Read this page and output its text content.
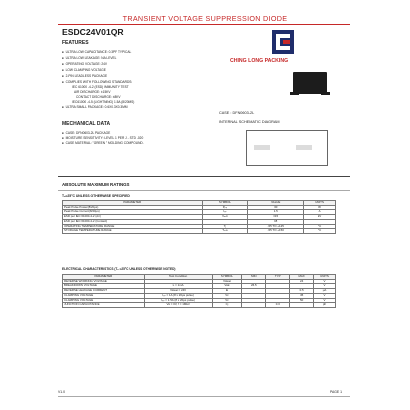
TRANSIENT VOLTAGE SUPPRESSION DIODE
ESDC24V01QR
FEATURES
■ ULTRA LOW CAPACITANCE: 0.3PF TYPICAL
■ ULTRA LOW LEAKAGE: NA LEVEL
■ OPERATING VOLTAGE: 24V
■ LOW CLAMPING VOLTAGE
■ 2-PIN LEADLESS PACKAGE
■ COMPLIES WITH FOLLOWING STANDARDS:
IEC 61000 -4-2 (ESD) IMMUNITY TEST
AIR DISCHARGE: ±15KV
CONTACT DISCHARGE: ±8KV
IEC61000 -4-5 (LIGHTNING) 1.5A (8/20MS)
■ ULTRA SMALL PACKAGE: 0.6X0.3X0.3MM
MECHANICAL DATA
■ CASE: DFN0603-2L PACKAGE
■ MOISTURE SENSITIVITY: LEVEL 1 PER J - STD -020
■ CASE MATERIAL: "GREEN " MOLDING COMPOUND.
CHING LONG PACKING
CASE : DFN0603-2L
INTERNAL SCHEMATIC DIAGRAM
ABSOLUTE MAXIMUM RATINGS
Tₐ=25°C UNLESS OTHERWISE SPECIFIED
PARAMETER	SYMBOL	VALUE	UNITS
Peak Pulse Power(8/20μs)	Pₚₚ	30	W
Peak Pulse Current(8/20μs)	Iₚₚ	1.5	A
ESD per IEC 61000-4-2 (Air)	Vₑₛᴅ	±15	kV
ESD per IEC 61000-4-2 (Contact)		±8	
OPERATING TEMPERATURE RANGE	Tⱼ	-55 TO +125	°C
STORAGE TEMPERATURE RANGE	Tₛₜɢ	-55 TO +150	°C
ELECTRICAL CHARACTERISTICS (Tₐ =25°C UNLESS OTHERWISE NOTED)
PARAMETER	Test Condition	SYMBOL	MIN	TYP	MAX	UNITS
REVERSE WORKING VOLTAGE		Vʀᴡᴍ			24	V
BREAKDOWN VOLTAGE	Iₜ = 1mA	Vʙʀ	26.5			V
REVERSE LEAKAGE CURRENT	Vʀᴡᴍ = 24V	Iʀ			0.5	μA
CLAMPING VOLTAGE	Iₚₚ = 1A (8 x 20μs pulse)	Vᴄ			45	V
CLAMPING VOLTAGE	Iₚₚ = 1.5A (8 x 20μs pulse)	Vᴄ			50	V
JUNCTION CAPACITANCE	Vʀ = 0V, f = 1MHz	Cⱼ		0.3		pF
V1.0	PAGE 1
